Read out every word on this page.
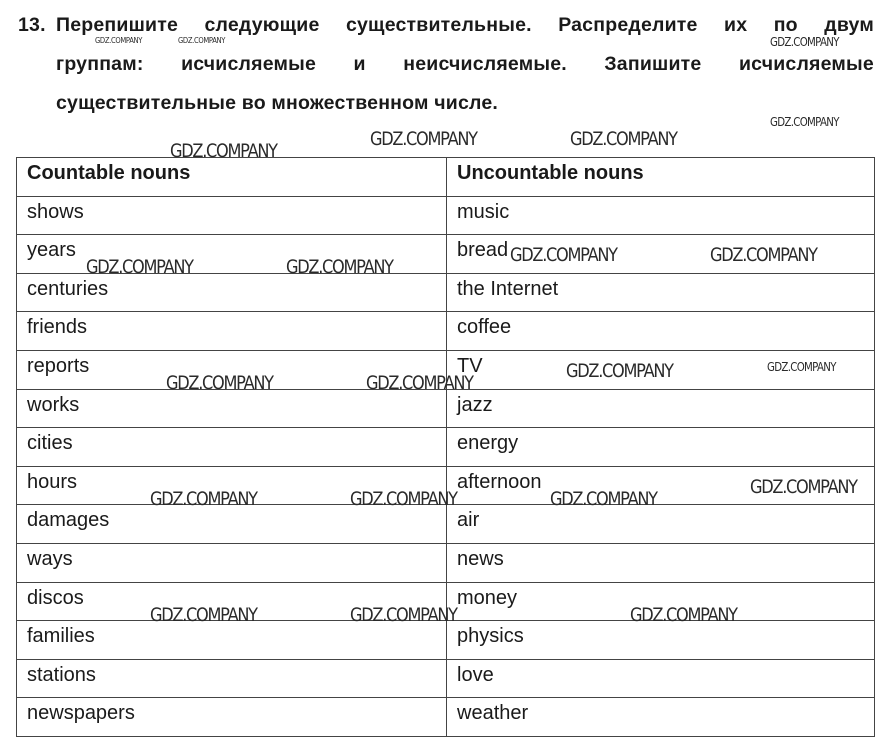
13. Перепишите следующие существительные. Распределите их по двум
группам: исчисляемые и неисчисляемые. Запишите исчисляемые
существительные во множественном числе.
Countable nouns	Uncountable nouns
shows	music
years	bread
centuries	the Internet
friends	coffee
reports	TV
works	jazz
cities	energy
hours	afternoon
damages	air
ways	news
discos	money
families	physics
stations	love
newspapers	weather
GDZ.COMPANY	GDZ.COMPANY	GDZ.COMPANY
GDZ.COMPANY
GDZ.COMPANY
GDZ.COMPANY	GDZ.COMPANY
GDZ.COMPANY	GDZ.COMPANY
GDZ.COMPANY	GDZ.COMPANY
GDZ.COMPANY	GDZ.COMPANY
GDZ.COMPANY	GDZ.COMPANY
GDZ.COMPANY	GDZ.COMPANY	GDZ.COMPANY
GDZ.COMPANY
GDZ.COMPANY	GDZ.COMPANY	GDZ.COMPANY
